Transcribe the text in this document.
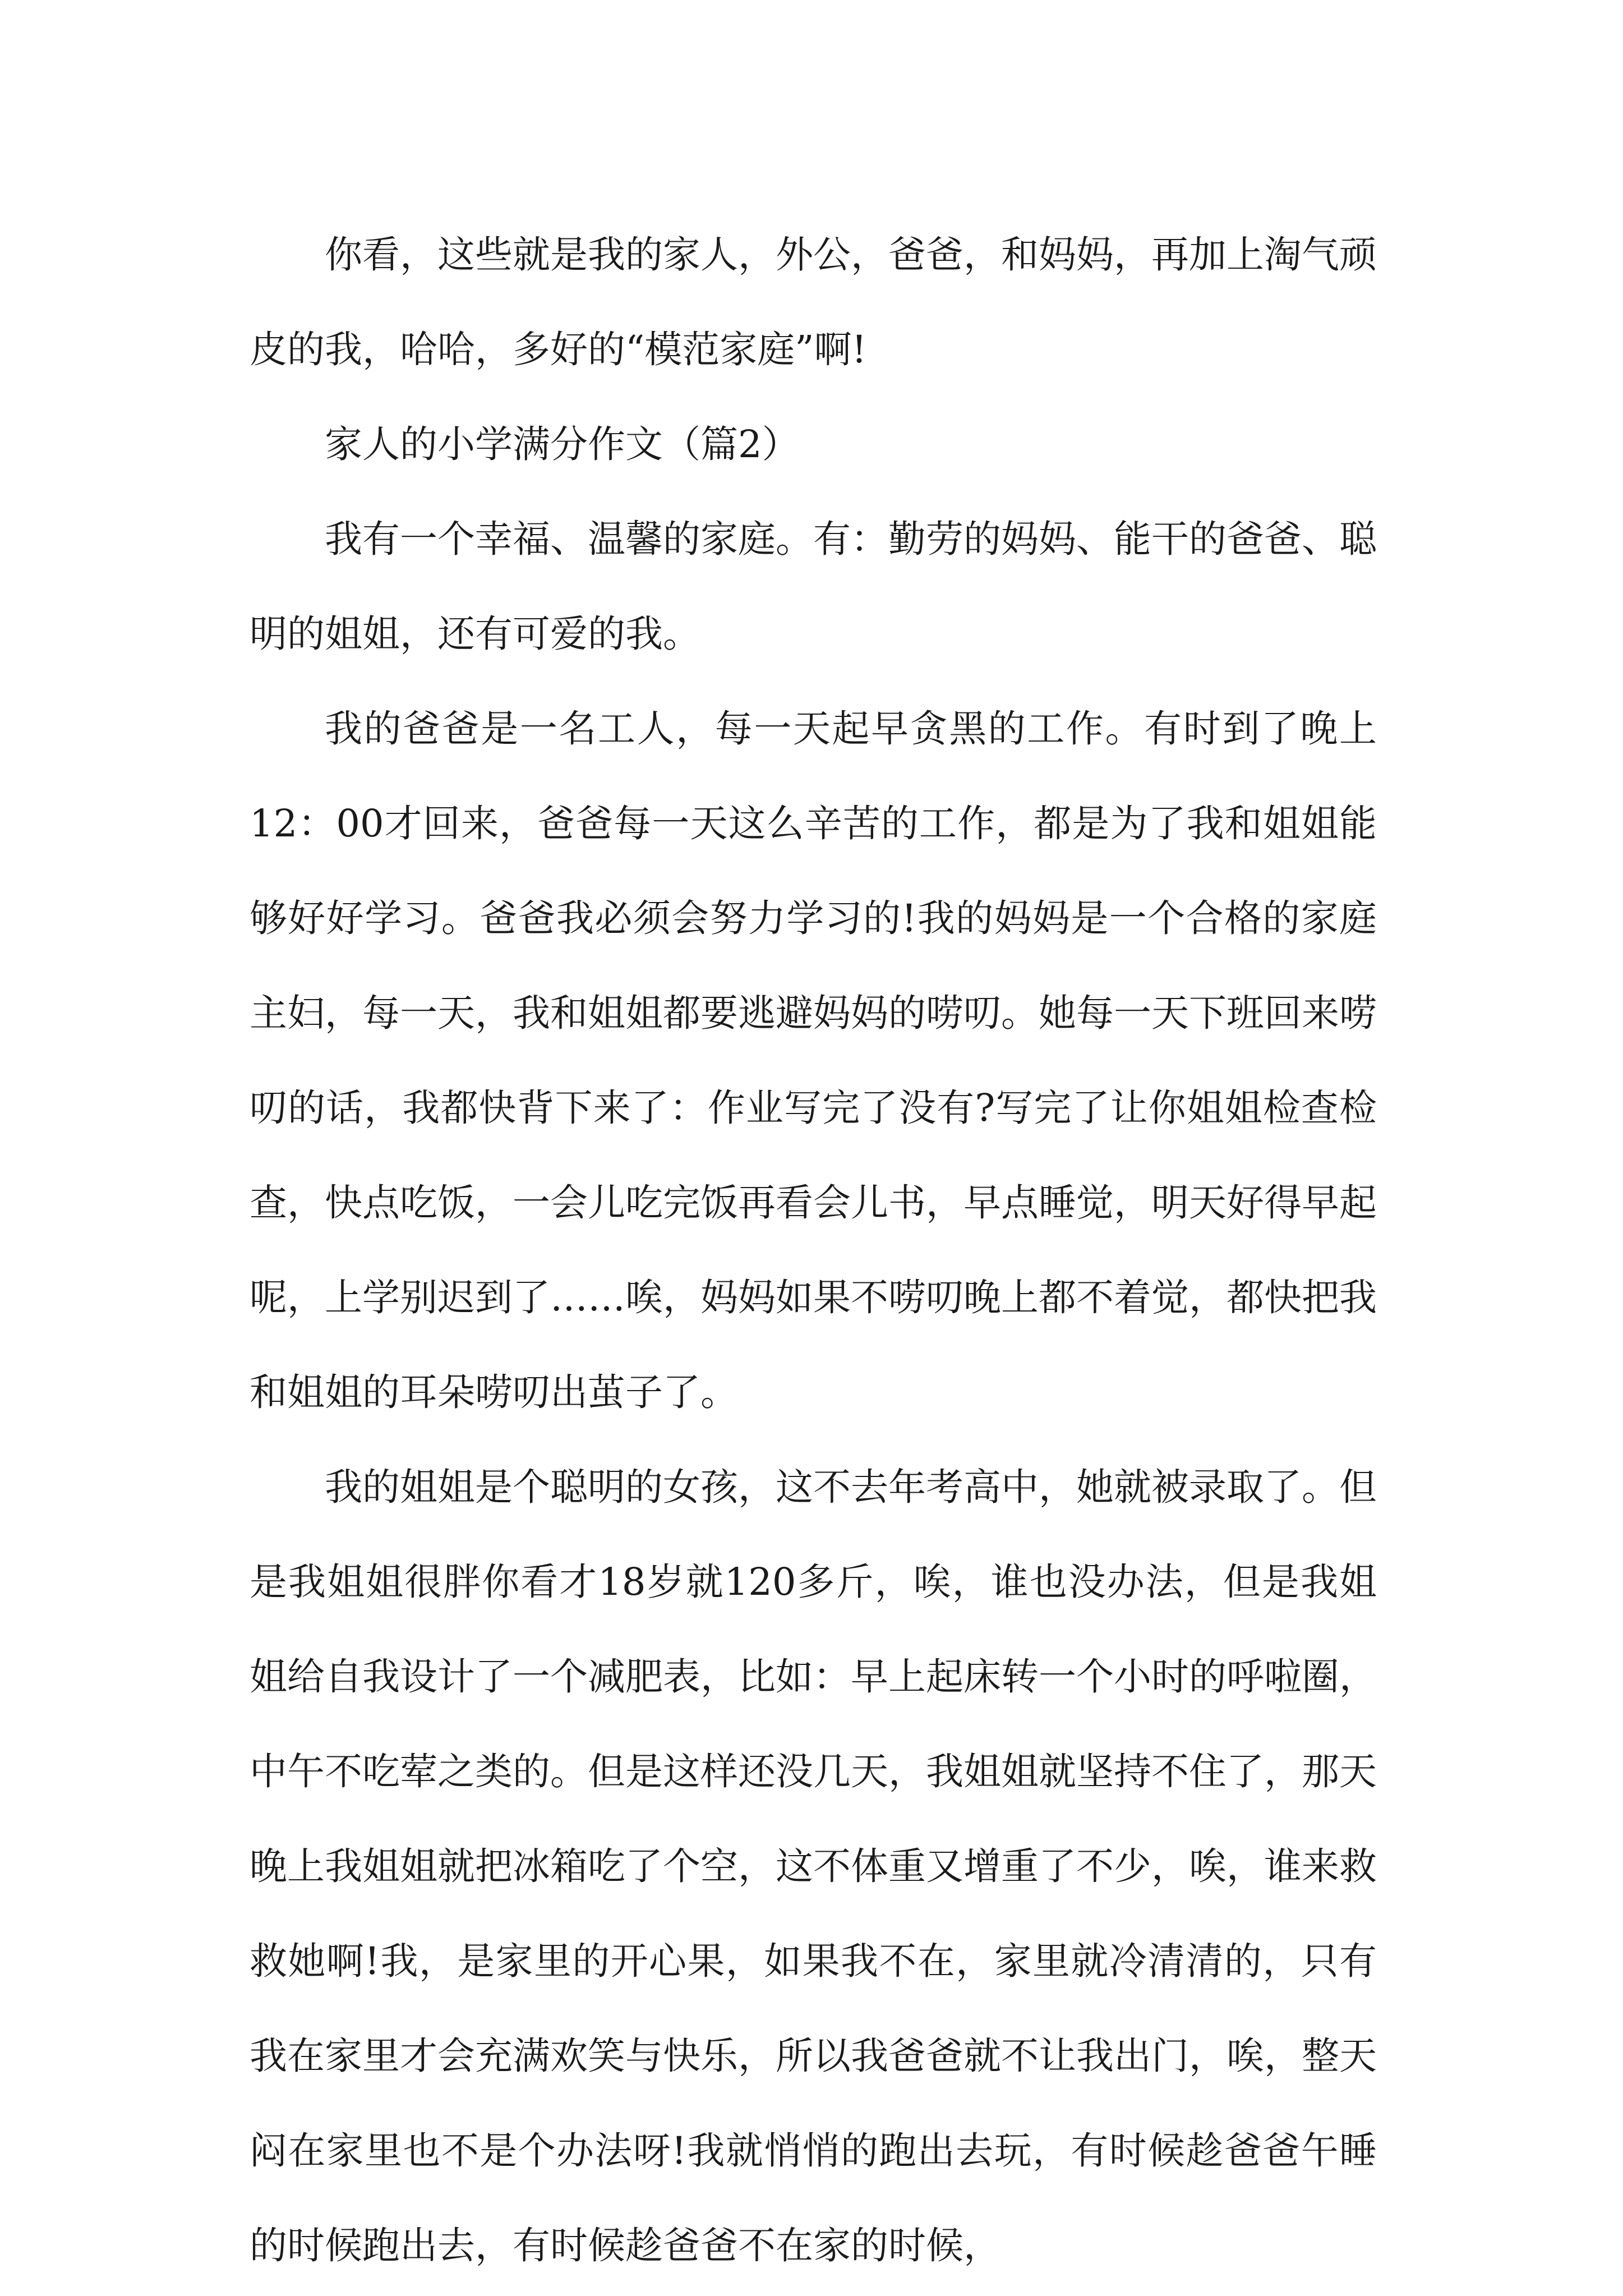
你看，这些就是我的家人，外公，爸爸，和妈妈，再加上淘气顽皮的我，哈哈，多好的“模范家庭”啊!

家人的小学满分作文（篇2）

我有一个幸福、温馨的家庭。有：勤劳的妈妈、能干的爸爸、聪明的姐姐，还有可爱的我。

我的爸爸是一名工人，每一天起早贪黑的工作。有时到了晚上12：00才回来，爸爸每一天这么辛苦的工作，都是为了我和姐姐能够好好学习。爸爸我必须会努力学习的!我的妈妈是一个合格的家庭主妇，每一天，我和姐姐都要逃避妈妈的唠叨。她每一天下班回来唠叨的话，我都快背下来了：作业写完了没有?写完了让你姐姐检查检查，快点吃饭，一会儿吃完饭再看会儿书，早点睡觉，明天好得早起呢，上学别迟到了……唉，妈妈如果不唠叨晚上都不着觉，都快把我和姐姐的耳朵唠叨出茧子了。

我的姐姐是个聪明的女孩，这不去年考高中，她就被录取了。但是我姐姐很胖你看才18岁就120多斤，唉，谁也没办法，但是我姐姐给自我设计了一个减肥表，比如：早上起床转一个小时的呼啦圈，中午不吃荤之类的。但是这样还没几天，我姐姐就坚持不住了，那天晚上我姐姐就把冰箱吃了个空，这不体重又增重了不少，唉，谁来救救她啊!我，是家里的开心果，如果我不在，家里就冷清清的，只有我在家里才会充满欢笑与快乐，所以我爸爸就不让我出门，唉，整天闷在家里也不是个办法呀!我就悄悄的跑出去玩，有时候趁爸爸午睡的时候跑出去，有时候趁爸爸不在家的时候，
